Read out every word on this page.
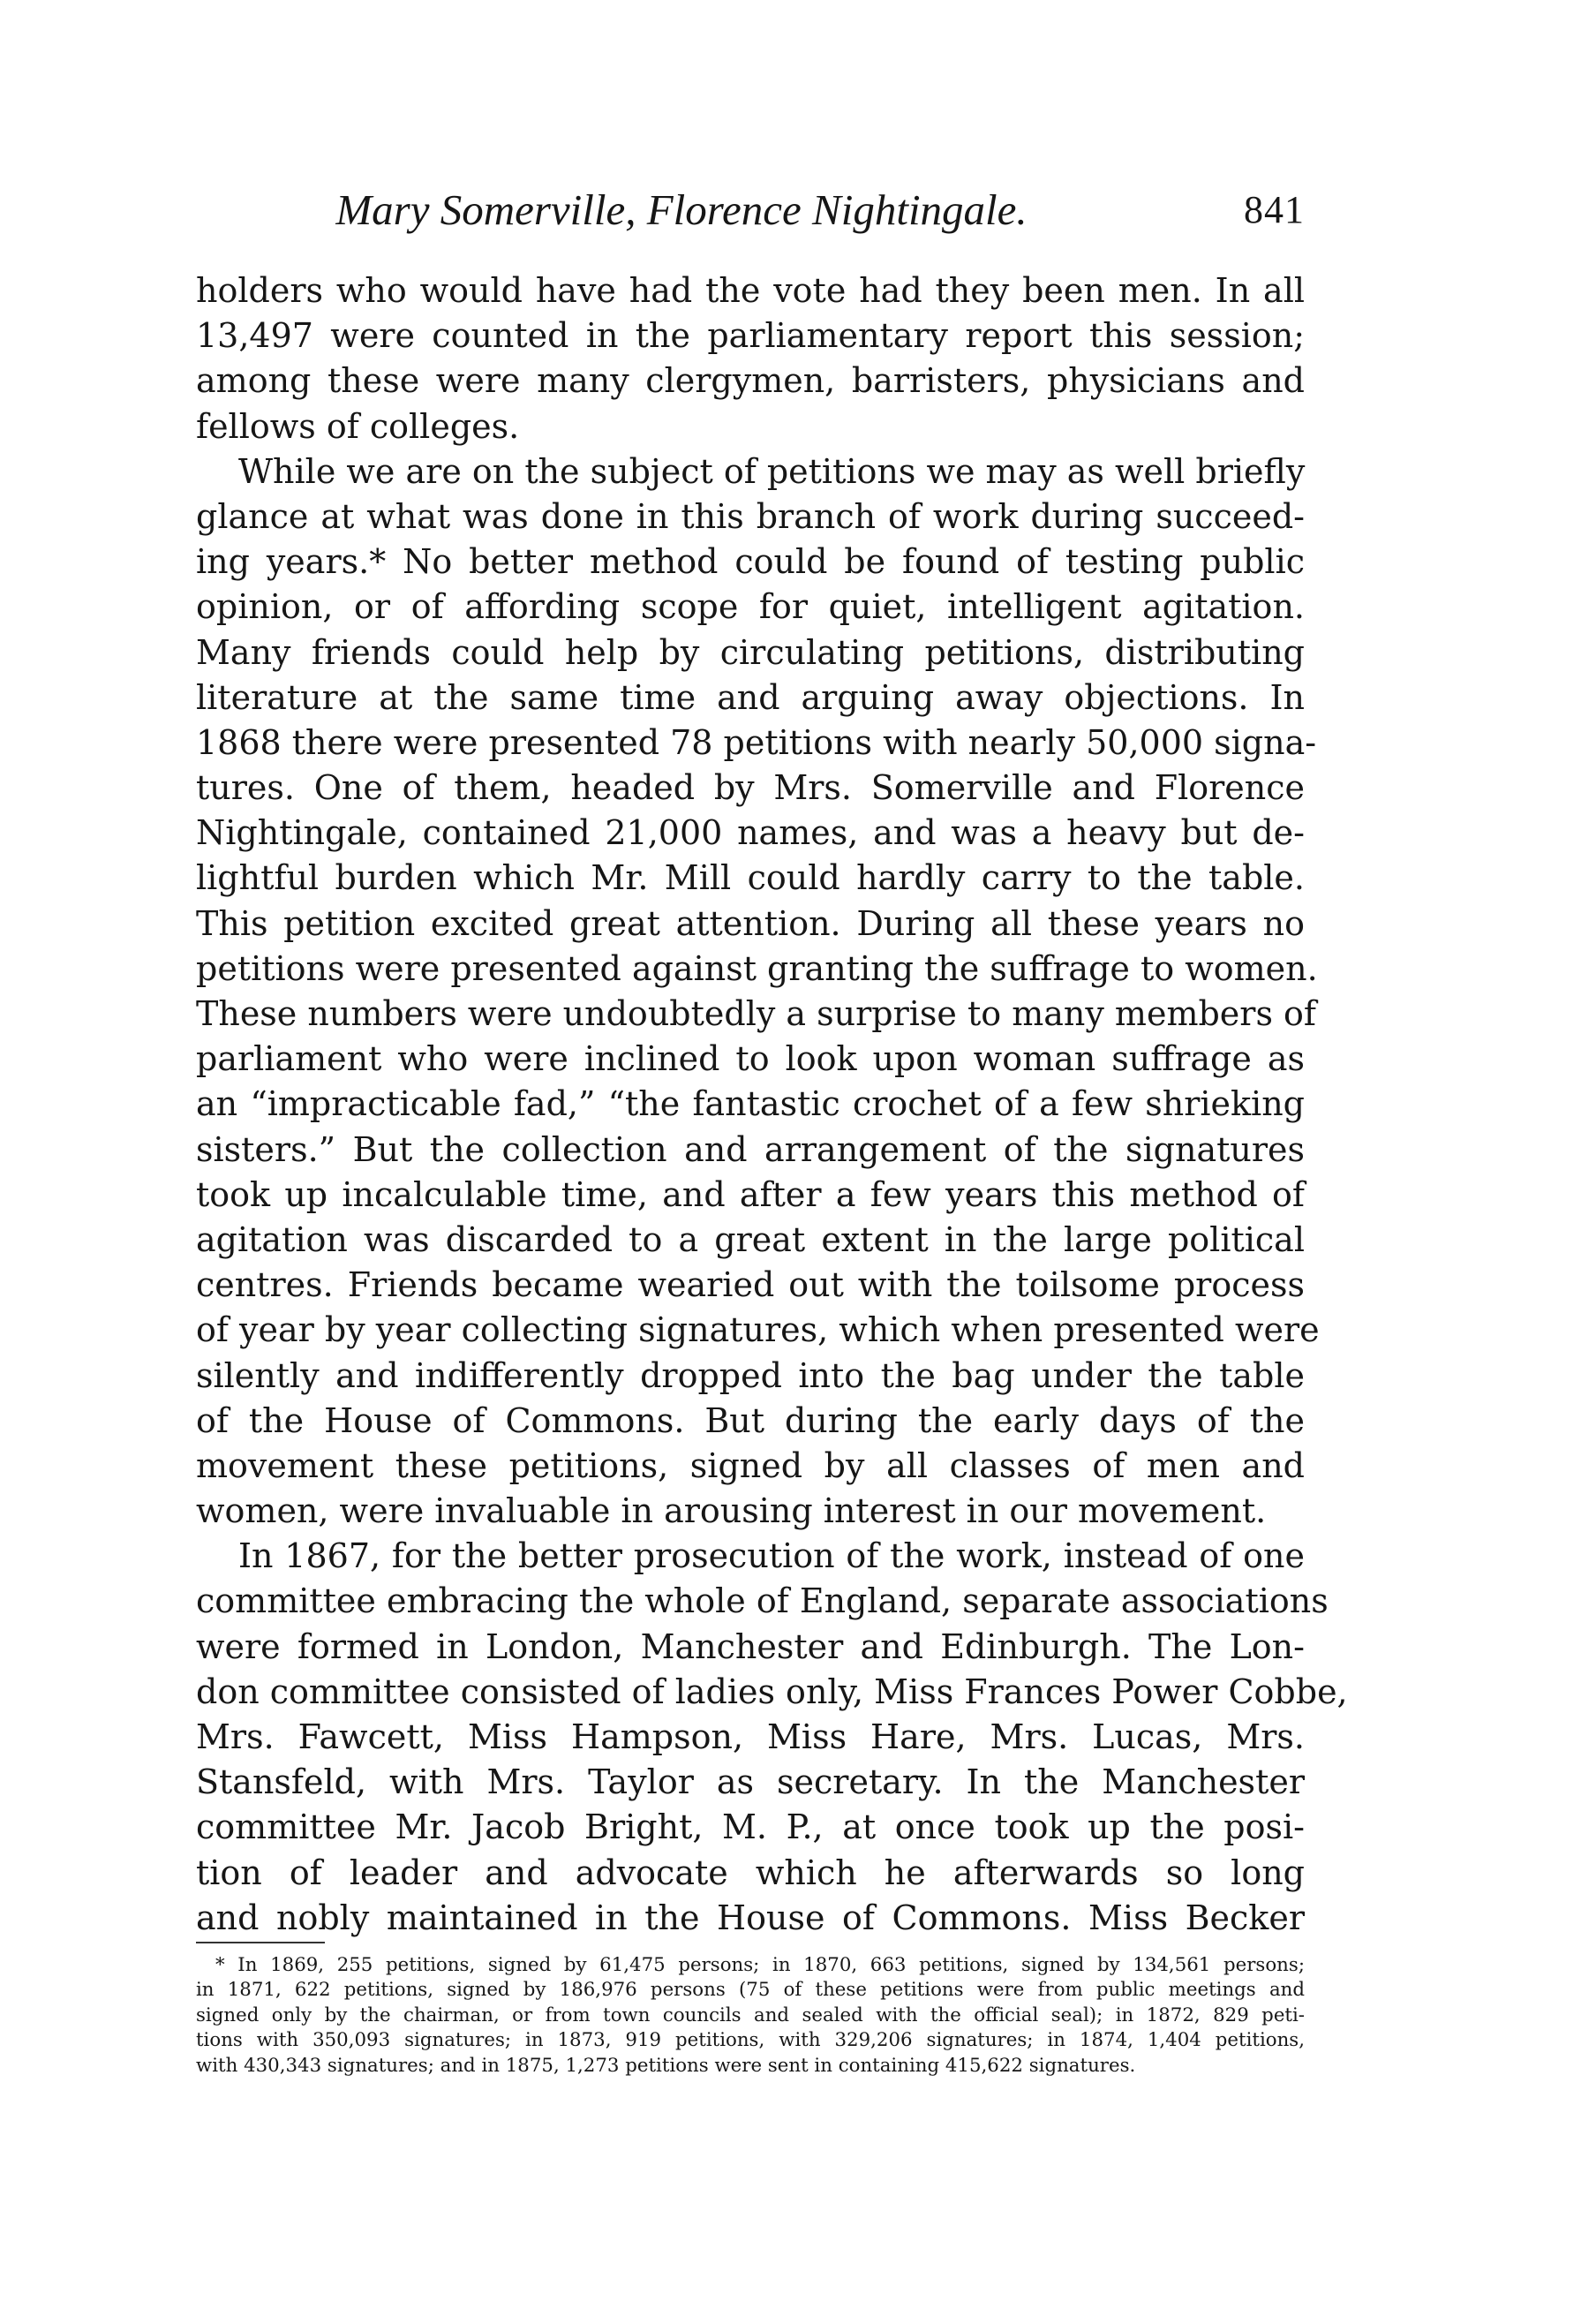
Mary Somerville, Florence Nightingale.	841
holders who would have had the vote had they been men. In all
13,497 were counted in the parliamentary report this session;
among these were many clergymen, barristers, physicians and
fellows of colleges.
While we are on the subject of petitions we may as well briefly
glance at what was done in this branch of work during succeed-
ing years.* No better method could be found of testing public
opinion, or of affording scope for quiet, intelligent agitation.
Many friends could help by circulating petitions, distributing
literature at the same time and arguing away objections. In
1868 there were presented 78 petitions with nearly 50,000 signa-
tures. One of them, headed by Mrs. Somerville and Florence
Nightingale, contained 21,000 names, and was a heavy but de-
lightful burden which Mr. Mill could hardly carry to the table.
This petition excited great attention. During all these years no
petitions were presented against granting the suffrage to women.
These numbers were undoubtedly a surprise to many members of
parliament who were inclined to look upon woman suffrage as
an “impracticable fad,” “the fantastic crochet of a few shrieking
sisters.” But the collection and arrangement of the signatures
took up incalculable time, and after a few years this method of
agitation was discarded to a great extent in the large political
centres. Friends became wearied out with the toilsome process
of year by year collecting signatures, which when presented were
silently and indifferently dropped into the bag under the table
of the House of Commons. But during the early days of the
movement these petitions, signed by all classes of men and
women, were invaluable in arousing interest in our movement.
In 1867, for the better prosecution of the work, instead of one
committee embracing the whole of England, separate associations
were formed in London, Manchester and Edinburgh. The Lon-
don committee consisted of ladies only, Miss Frances Power Cobbe,
Mrs. Fawcett, Miss Hampson, Miss Hare, Mrs. Lucas, Mrs.
Stansfeld, with Mrs. Taylor as secretary. In the Manchester
committee Mr. Jacob Bright, M. P., at once took up the posi-
tion of leader and advocate which he afterwards so long
and nobly maintained in the House of Commons. Miss Becker
* In 1869, 255 petitions, signed by 61,475 persons; in 1870, 663 petitions, signed by 134,561 persons;
in 1871, 622 petitions, signed by 186,976 persons (75 of these petitions were from public meetings and
signed only by the chairman, or from town councils and sealed with the official seal); in 1872, 829 peti-
tions with 350,093 signatures; in 1873, 919 petitions, with 329,206 signatures; in 1874, 1,404 petitions,
with 430,343 signatures; and in 1875, 1,273 petitions were sent in containing 415,622 signatures.
